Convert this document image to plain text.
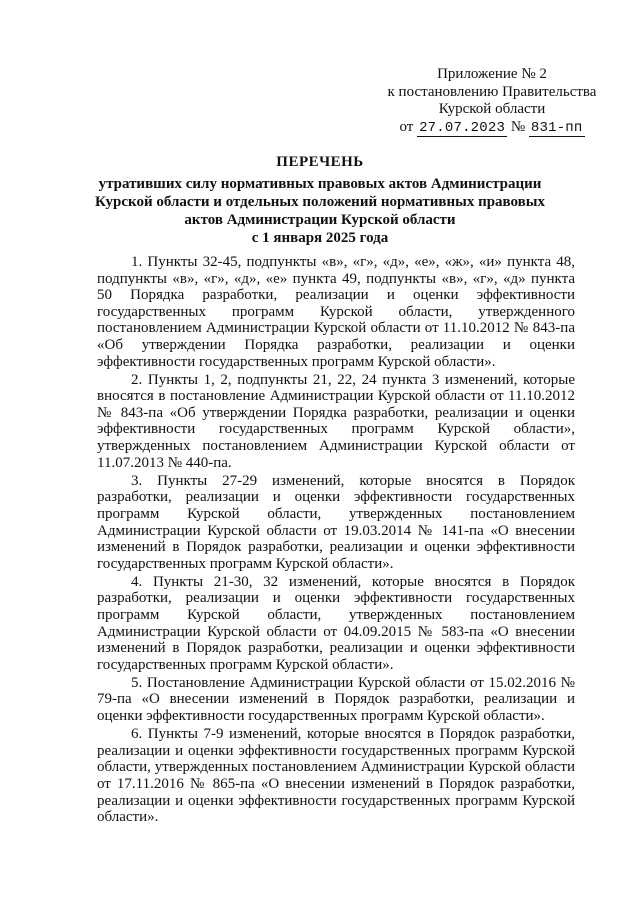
Приложение № 2
к постановлению Правительства
Курской области
от 27.07.2023 № 831-пп
ПЕРЕЧЕНЬ
утративших силу нормативных правовых актов Администрации
Курской области и отдельных положений нормативных правовых
актов Администрации Курской области
с 1 января 2025 года

1. Пункты 32-45, подпункты «в», «г», «д», «е», «ж», «и» пункта 48, подпункты «в», «г», «д», «е» пункта 49, подпункты «в», «г», «д» пункта 50 Порядка разработки, реализации и оценки эффективности государственных программ Курской области, утвержденного постановлением Администрации Курской области от 11.10.2012 № 843-па «Об утверждении Порядка разработки, реализации и оценки эффективности государственных программ Курской области».

2. Пункты 1, 2, подпункты 21, 22, 24 пункта 3 изменений, которые вносятся в постановление Администрации Курской области от 11.10.2012 № 843-па «Об утверждении Порядка разработки, реализации и оценки эффективности государственных программ Курской области», утвержденных постановлением Администрации Курской области от 11.07.2013 № 440-па.

3. Пункты 27-29 изменений, которые вносятся в Порядок разработки, реализации и оценки эффективности государственных программ Курской области, утвержденных постановлением Администрации Курской области от 19.03.2014 № 141-па «О внесении изменений в Порядок разработки, реализации и оценки эффективности государственных программ Курской области».

4. Пункты 21-30, 32 изменений, которые вносятся в Порядок разработки, реализации и оценки эффективности государственных программ Курской области, утвержденных постановлением Администрации Курской области от 04.09.2015 № 583-па «О внесении изменений в Порядок разработки, реализации и оценки эффективности государственных программ Курской области».

5. Постановление Администрации Курской области от 15.02.2016 № 79-па «О внесении изменений в Порядок разработки, реализации и оценки эффективности государственных программ Курской области».

6. Пункты 7-9 изменений, которые вносятся в Порядок разработки, реализации и оценки эффективности государственных программ Курской области, утвержденных постановлением Администрации Курской области от 17.11.2016 № 865-па «О внесении изменений в Порядок разработки, реализации и оценки эффективности государственных программ Курской области».
